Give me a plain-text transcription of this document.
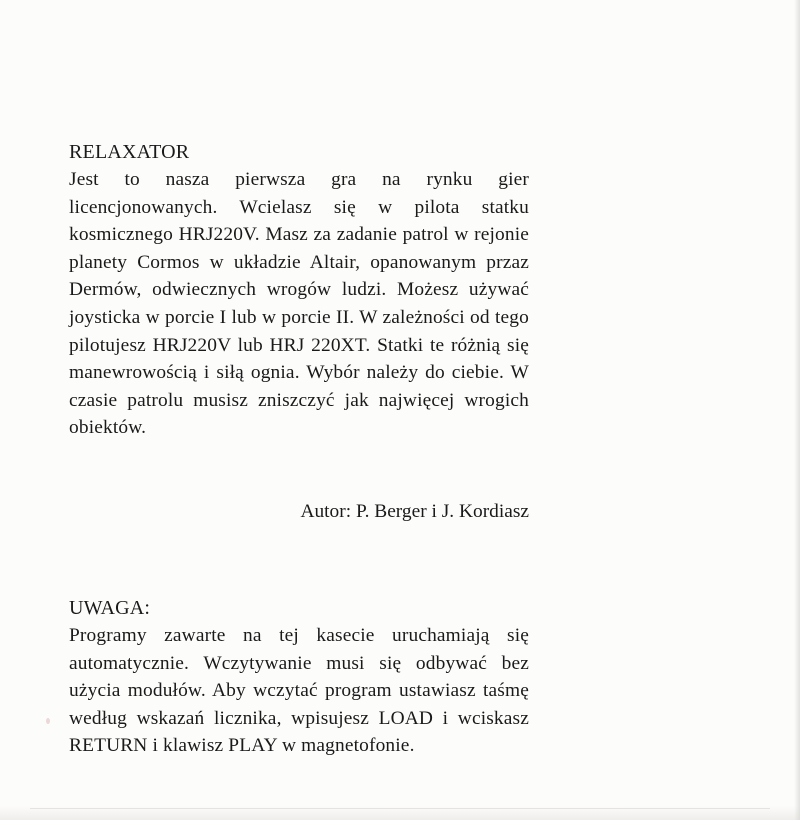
RELAXATOR

Jest to nasza pierwsza gra na rynku gier licencjonowanych. Wcielasz się w pilota statku kosmicznego HRJ220V. Masz za zadanie patrol w rejonie planety Cormos w układzie Altair, opanowanym przaz Dermów, odwiecznych wrogów ludzi. Możesz używać joysticka w porcie I lub w porcie II. W zależności od tego pilotujesz HRJ220V lub HRJ 220XT. Statki te różnią się manewrowością i siłą ognia. Wybór należy do ciebie. W czasie patrolu musisz zniszczyć jak najwięcej wrogich obiektów.

Autor: P. Berger i J. Kordiasz
UWAGA:

Programy zawarte na tej kasecie uruchamiają się automatycznie. Wczytywanie musi się odbywać bez użycia modułów. Aby wczytać program ustawiasz taśmę według wskazań licznika, wpisujesz LOAD i wciskasz RETURN i klawisz PLAY w magnetofonie.
